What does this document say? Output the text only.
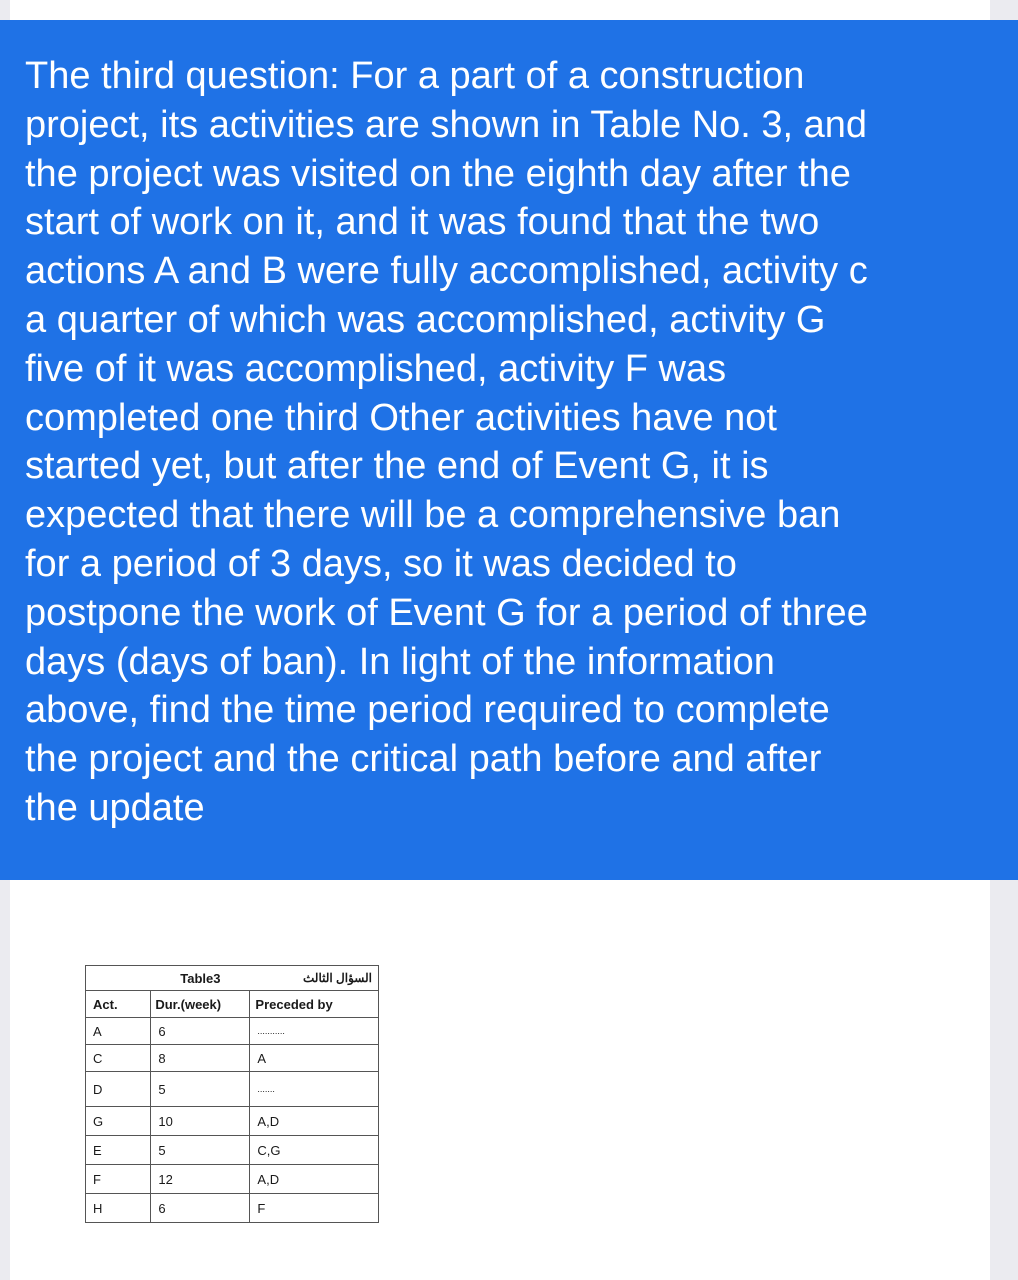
The third question: For a part of a construction
project, its activities are shown in Table No. 3, and
the project was visited on the eighth day after the
start of work on it, and it was found that the two
actions A and B were fully accomplished, activity c
a quarter of which was accomplished, activity G
five of it was accomplished, activity F was
completed one third Other activities have not
started yet, but after the end of Event G, it is
expected that there will be a comprehensive ban
for a period of 3 days, so it was decided to
postpone the work of Event G for a period of three
days (days of ban). In light of the information
above, find the time period required to complete
the project and the critical path before and after
the update

	Table3	السؤال الثالث
Act.	Dur.(week)	Preceded by
A	6	...........
C	8	A
D	5	.......
G	10	A,D
E	5	C,G
F	12	A,D
H	6	F
